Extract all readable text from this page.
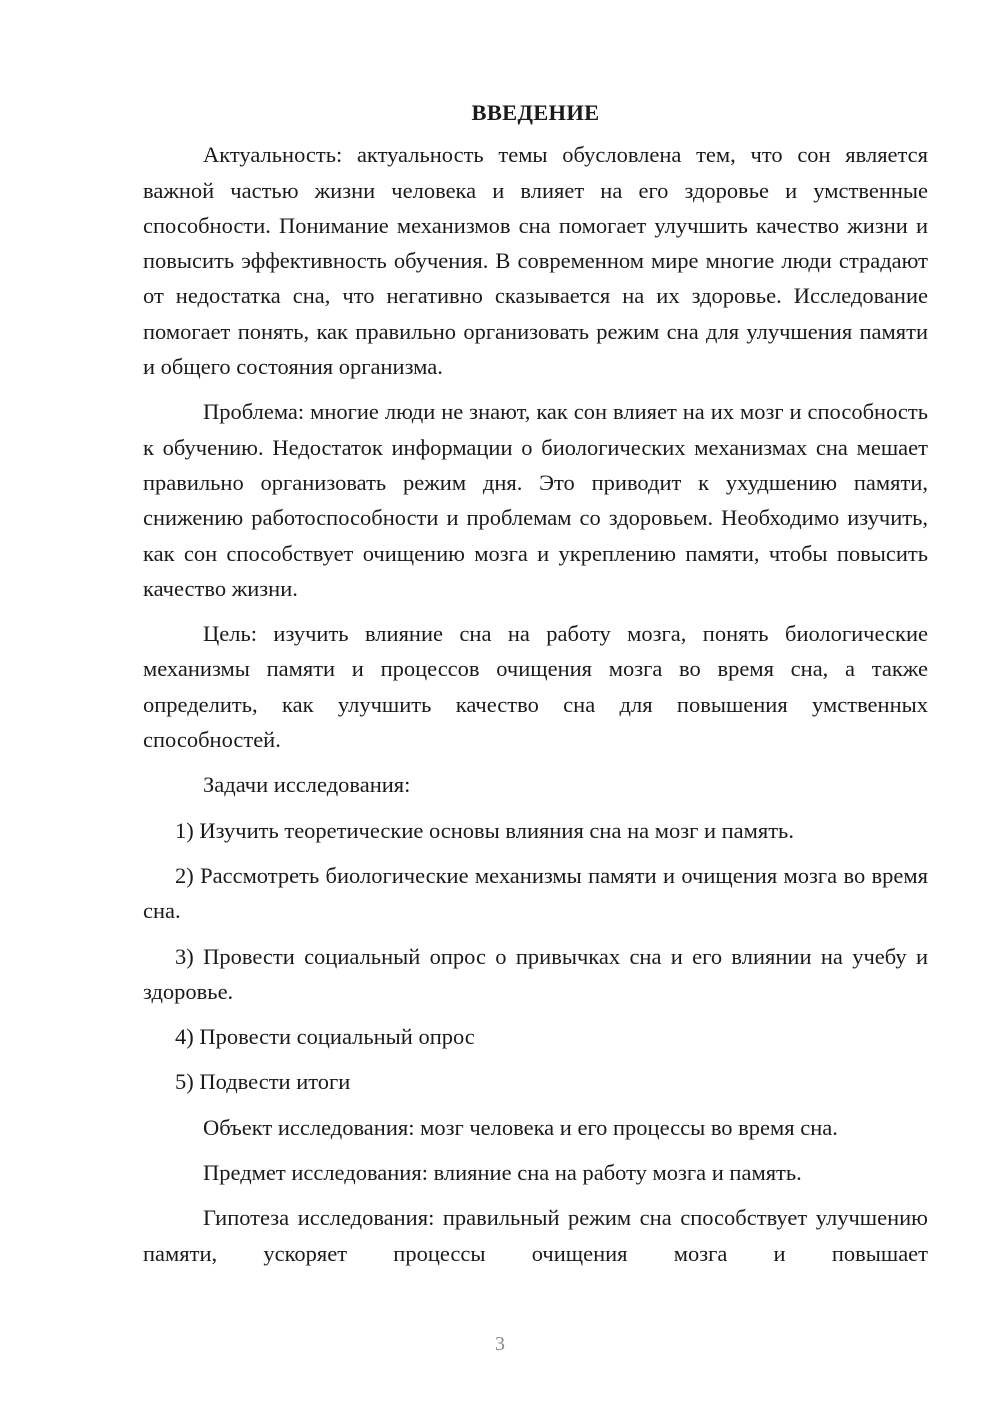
ВВЕДЕНИЕ

Актуальность: актуальность темы обусловлена тем, что сон является важной частью жизни человека и влияет на его здоровье и умственные способности. Понимание механизмов сна помогает улучшить качество жизни и повысить эффективность обучения. В современном мире многие люди страдают от недостатка сна, что негативно сказывается на их здоровье. Исследование помогает понять, как правильно организовать режим сна для улучшения памяти и общего состояния организма.

Проблема: многие люди не знают, как сон влияет на их мозг и способность к обучению. Недостаток информации о биологических механизмах сна мешает правильно организовать режим дня. Это приводит к ухудшению памяти, снижению работоспособности и проблемам со здоровьем. Необходимо изучить, как сон способствует очищению мозга и укреплению памяти, чтобы повысить качество жизни.

Цель: изучить влияние сна на работу мозга, понять биологические механизмы памяти и процессов очищения мозга во время сна, а также определить, как улучшить качество сна для повышения умственных способностей.

Задачи исследования:

1) Изучить теоретические основы влияния сна на мозг и память.

2) Рассмотреть биологические механизмы памяти и очищения мозга во время сна.

3) Провести социальный опрос о привычках сна и его влиянии на учебу и здоровье.

4) Провести социальный опрос

5) Подвести итоги

Объект исследования: мозг человека и его процессы во время сна.

Предмет исследования: влияние сна на работу мозга и память.

Гипотеза исследования: правильный режим сна способствует улучшению памяти, ускоряет процессы очищения мозга и повышает

3
